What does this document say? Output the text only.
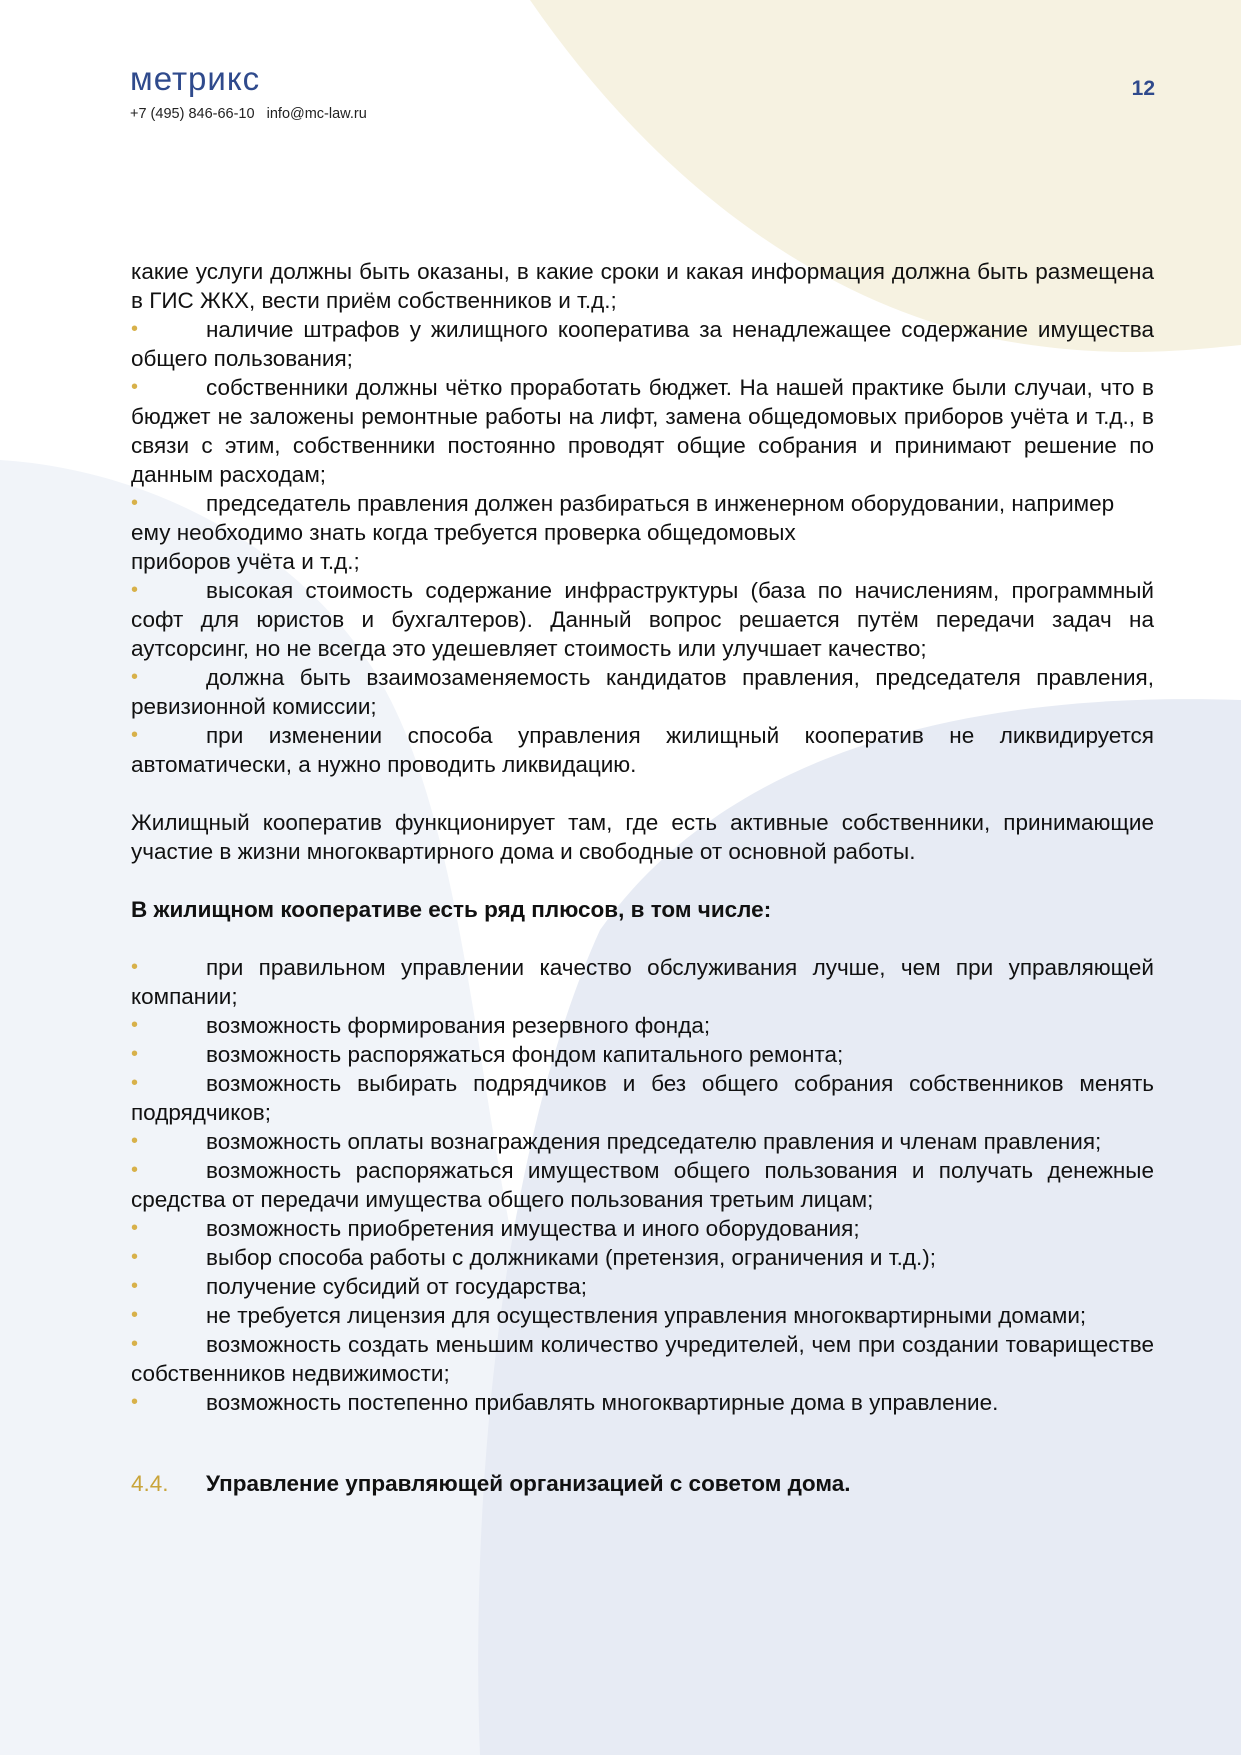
метрикс
+7 (495) 846-66-10   info@mc-law.ru
12

какие услуги должны быть оказаны, в какие сроки и какая информация должна быть размещена в ГИС ЖКХ, вести приём собственников и т.д.;

•	наличие штрафов у жилищного кооператива за ненадлежащее содержание имущества общего пользования;

•	собственники должны чётко проработать бюджет. На нашей практике были случаи, что в бюджет не заложены ремонтные работы на лифт, замена общедомовых приборов учёта и т.д., в связи с этим, собственники постоянно проводят общие собрания и принимают решение по данным расходам;

•	председатель правления должен разбираться в инженерном оборудовании, например ему необходимо знать когда требуется проверка общедомовых

приборов учёта и т.д.;

•	высокая стоимость содержание инфраструктуры (база по начислениям, программный софт для юристов и бухгалтеров). Данный вопрос решается путём передачи задач на аутсорсинг, но не всегда это удешевляет стоимость или улучшает качество;

•	должна быть взаимозаменяемость кандидатов правления, председателя правления, ревизионной комиссии;

•	при изменении способа управления жилищный кооператив не ликвидируется автоматически, а нужно проводить ликвидацию.

Жилищный кооператив функционирует там, где есть активные собственники, принимающие участие в жизни многоквартирного дома и свободные от основной работы.

В жилищном кооперативе есть ряд плюсов, в том числе:

•	при правильном управлении качество обслуживания лучше, чем при управляющей компании;

•	возможность формирования резервного фонда;

•	возможность распоряжаться фондом капитального ремонта;

•	возможность выбирать подрядчиков и без общего собрания собственников менять подрядчиков;

•	возможность оплаты вознаграждения председателю правления и членам правления;

•	возможность распоряжаться имуществом общего пользования и получать денежные средства от передачи имущества общего пользования третьим лицам;

•	возможность приобретения имущества и иного оборудования;

•	выбор способа работы с должниками (претензия, ограничения и т.д.);

•	получение субсидий от государства;

•	не требуется лицензия для осуществления управления многоквартирными домами;

•	возможность создать меньшим количество учредителей, чем при создании товариществе собственников недвижимости;

•	возможность постепенно прибавлять многоквартирные дома в управление.

4.4. Управление управляющей организацией с советом дома.
